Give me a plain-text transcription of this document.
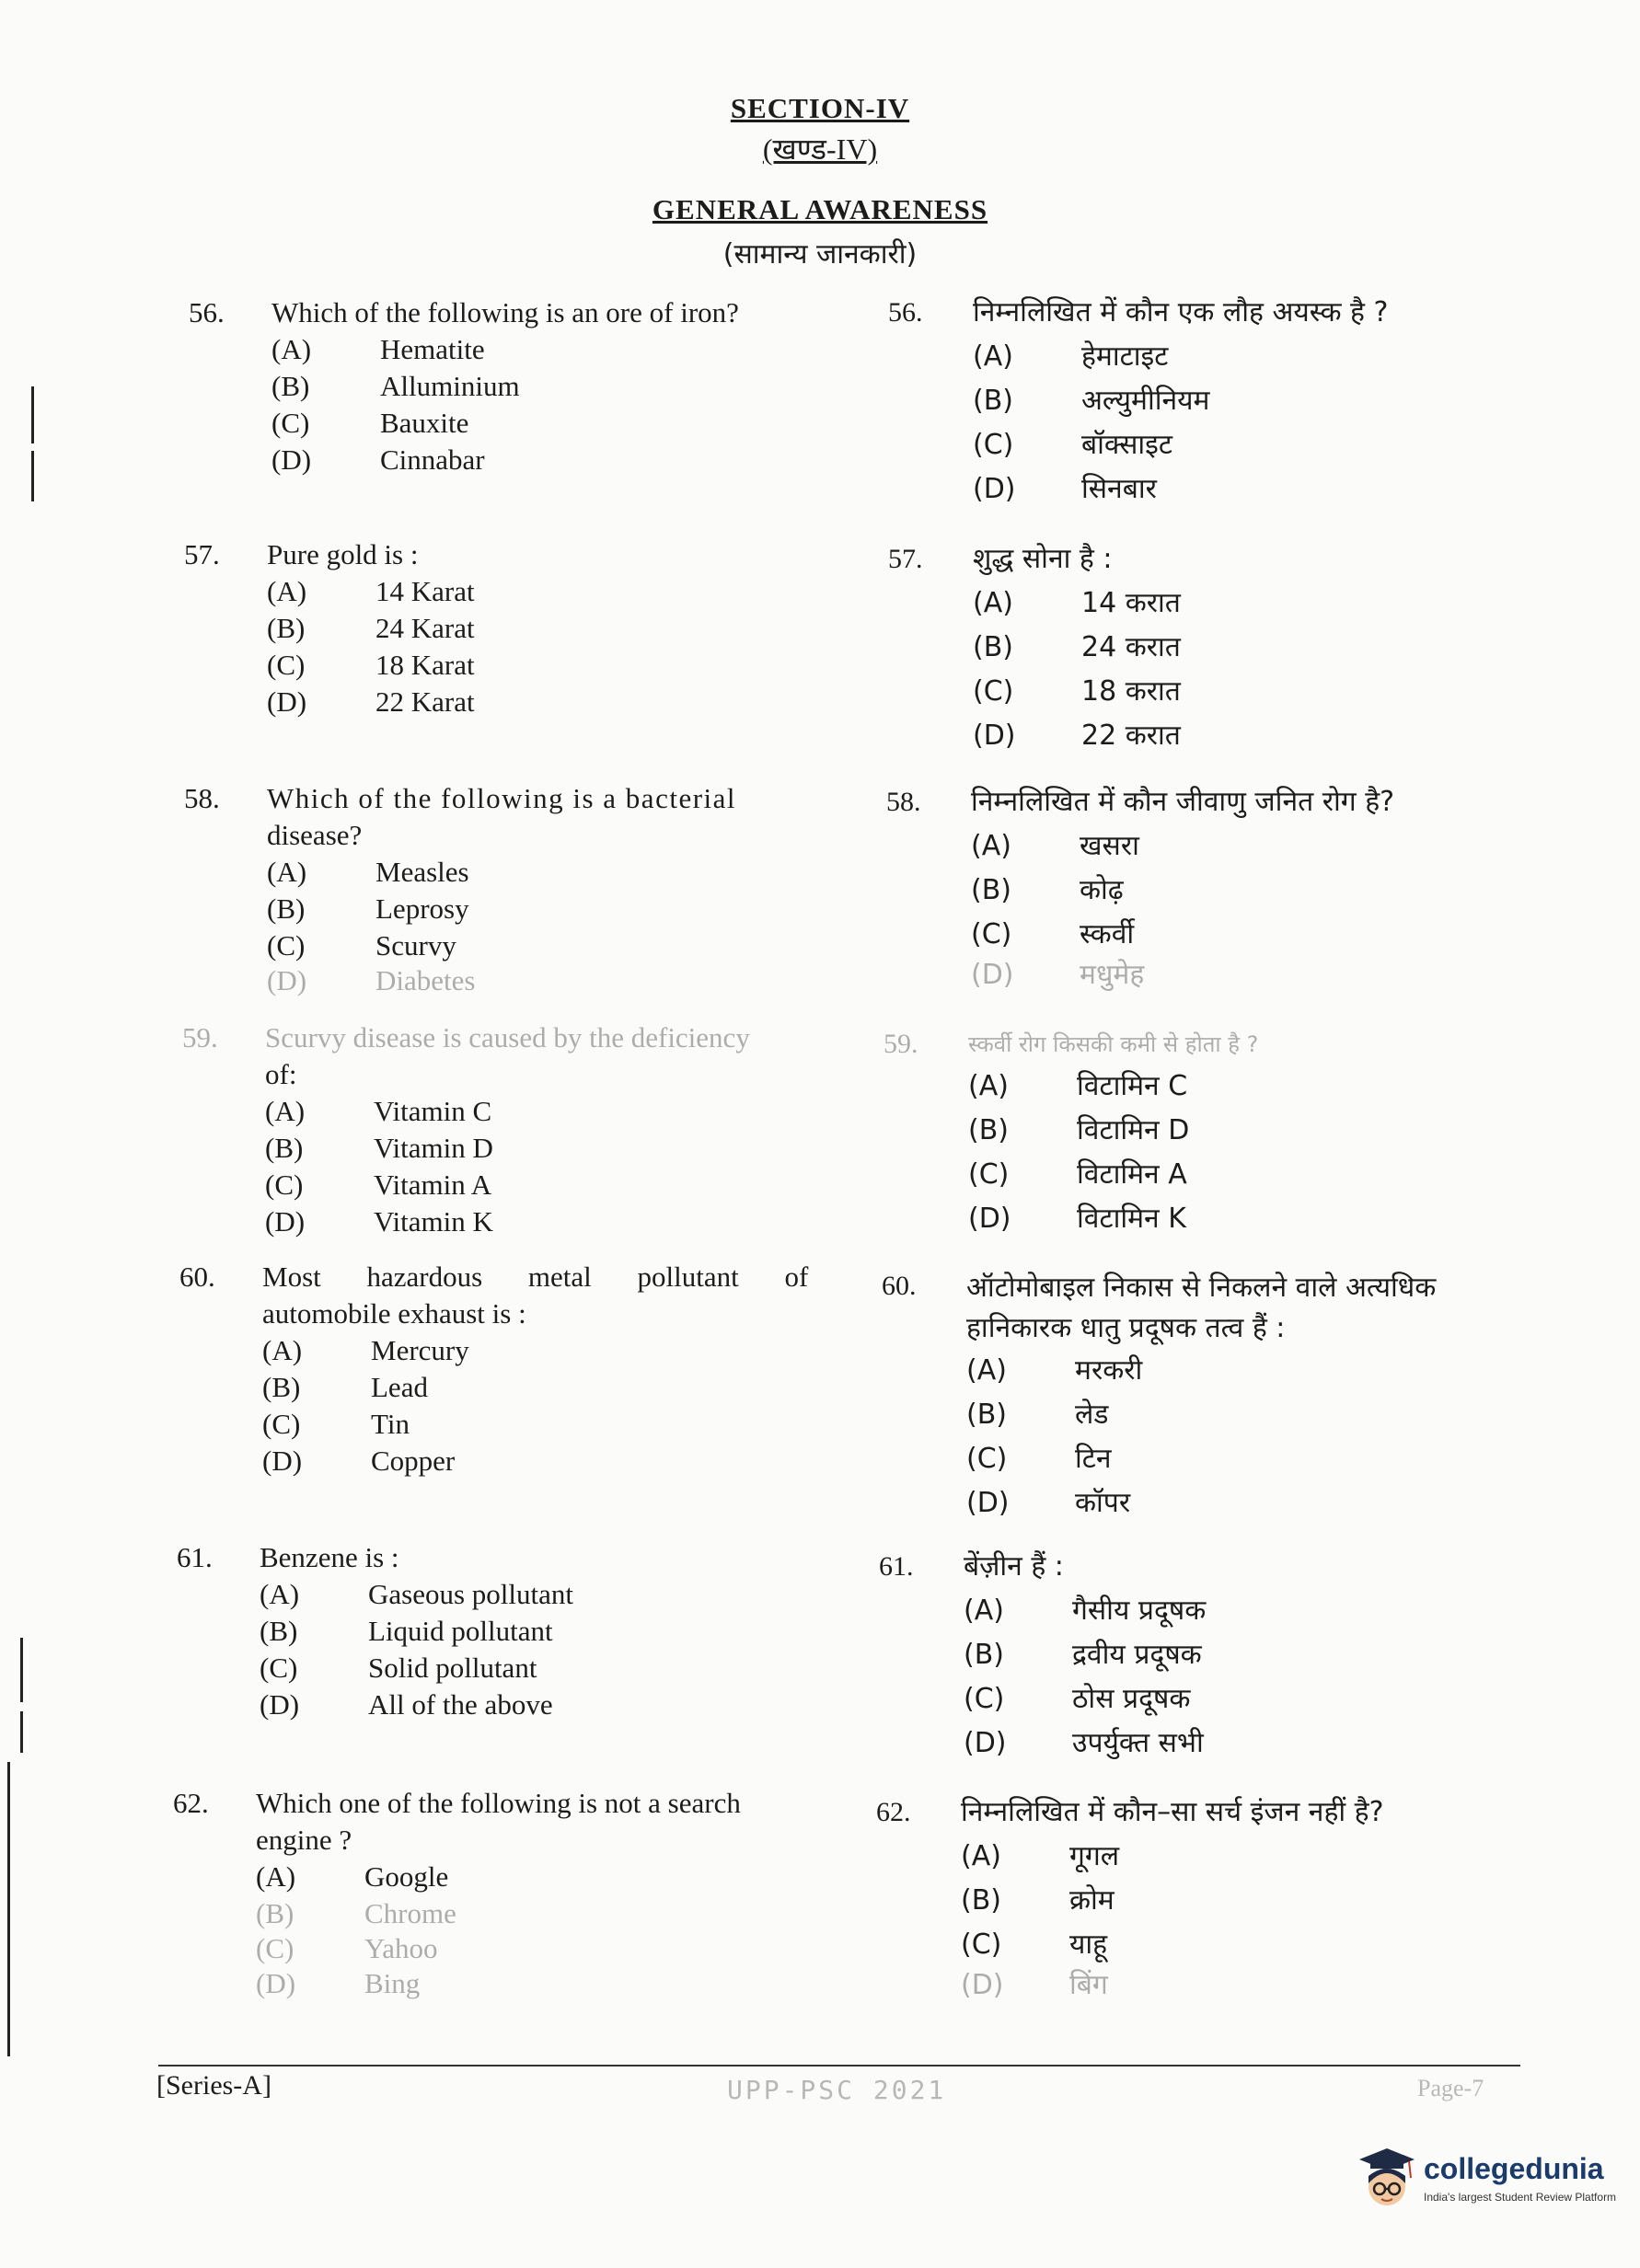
SECTION-IV
(खण्ड-IV)
GENERAL AWARENESS
(सामान्य जानकारी)
56. Which of the following is an ore of iron?
(A) Hematite
(B) Alluminium
(C) Bauxite
(D) Cinnabar
57. Pure gold is :
(A) 14 Karat
(B) 24 Karat
(C) 18 Karat
(D) 22 Karat
58. Which of the following is a bacterial
disease?
(A) Measles
(B) Leprosy
(C) Scurvy
(D) Diabetes
59. Scurvy disease is caused by the deficiency
of:
(A) Vitamin C
(B) Vitamin D
(C) Vitamin A
(D) Vitamin K
60. Most hazardous metal pollutant of
automobile exhaust is :
(A) Mercury
(B) Lead
(C) Tin
(D) Copper
61. Benzene is :
(A) Gaseous pollutant
(B) Liquid pollutant
(C) Solid pollutant
(D) All of the above
62. Which one of the following is not a search
engine ?
(A) Google
(B) Chrome
(C) Yahoo
(D) Bing
56. निम्नलिखित में कौन एक लौह अयस्क है ?
(A) हेमाटाइट
(B) अल्युमीनियम
(C) बॉक्साइट
(D) सिनबार
57. शुद्ध सोना है :
(A) 14 करात
(B) 24 करात
(C) 18 करात
(D) 22 करात
58. निम्नलिखित में कौन जीवाणु जनित रोग है?
(A) खसरा
(B) कोढ़
(C) स्कर्वी
(D) मधुमेह
59. स्कर्वी रोग किसकी कमी से होता है ?
(A) विटामिन C
(B) विटामिन D
(C) विटामिन A
(D) विटामिन K
60. ऑटोमोबाइल निकास से निकलने वाले अत्यधिक
हानिकारक धातु प्रदूषक तत्व हैं :
(A) मरकरी
(B) लेड
(C) टिन
(D) कॉपर
61. बेंज़ीन हैं :
(A) गैसीय प्रदूषक
(B) द्रवीय प्रदूषक
(C) ठोस प्रदूषक
(D) उपर्युक्त सभी
62. निम्नलिखित में कौन–सा सर्च इंजन नहीं है?
(A) गूगल
(B) क्रोम
(C) याहू
(D) बिंग
[Series-A]	UPP-PSC 2021	Page-7
collegedunia
India's largest Student Review Platform
